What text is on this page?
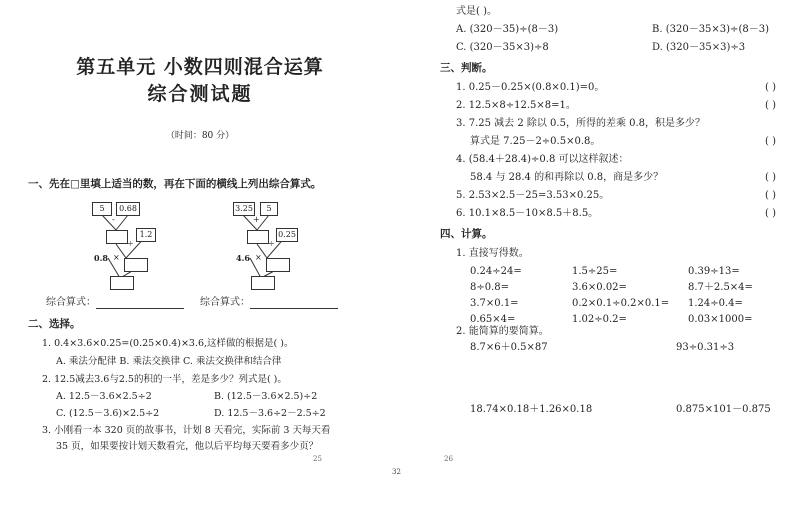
第五单元 小数四则混合运算
综合测试题
（时间：80 分）
一、先在□里填上适当的数，再在下面的横线上列出综合算式。
5	0.68
-
1.2
÷
0.8 ×
3.25	5
+
0.25
÷
4.6 ×
综合算式：	综合算式：
二、选择。
1. 0.4×3.6×0.25=(0.25×0.4)×3.6,这样做的根据是( )。
A. 乘法分配律 B. 乘法交换律 C. 乘法交换律和结合律
2. 12.5减去3.6与2.5的积的一半，差是多少？列式是( )。
A. 12.5－3.6×2.5÷2	B. (12.5－3.6×2.5)÷2
C. (12.5－3.6)×2.5÷2	D. 12.5－3.6÷2－2.5÷2
3. 小刚看一本 320 页的故事书，计划 8 天看完，实际前 3 天每天看
35 页，如果要按计划天数看完，他以后平均每天要看多少页？
25
式是( )。
A. (320－35)÷(8－3)	B. (320－35×3)÷(8－3)
C. (320－35×3)÷8	D. (320－35×3)÷3
三、判断。
1. 0.25－0.25×(0.8×0.1)=0。	( )
2. 12.5×8÷12.5×8=1。	( )
3. 7.25 减去 2 除以 0.5，所得的差乘 0.8，积是多少？
算式是 7.25－2÷0.5×0.8。	( )
4. (58.4＋28.4)÷0.8 可以这样叙述：
58.4 与 28.4 的和再除以 0.8，商是多少？	( )
5. 2.53×2.5－25=3.53×0.25。	( )
6. 10.1×8.5－10×8.5＋8.5。	( )
四、计算。
1. 直接写得数。
0.24÷24=	1.5÷25=	0.39÷13=
8÷0.8=	3.6×0.02=	8.7＋2.5×4=
3.7×0.1=	0.2×0.1÷0.2×0.1= 1.24÷0.4=
0.65×4=	1.02÷0.2=	0.03×1000=
2. 能简算的要简算。
8.7×6＋0.5×87	93÷0.31÷3
18.74×0.18＋1.26×0.18	0.875×101－0.875
26
32
